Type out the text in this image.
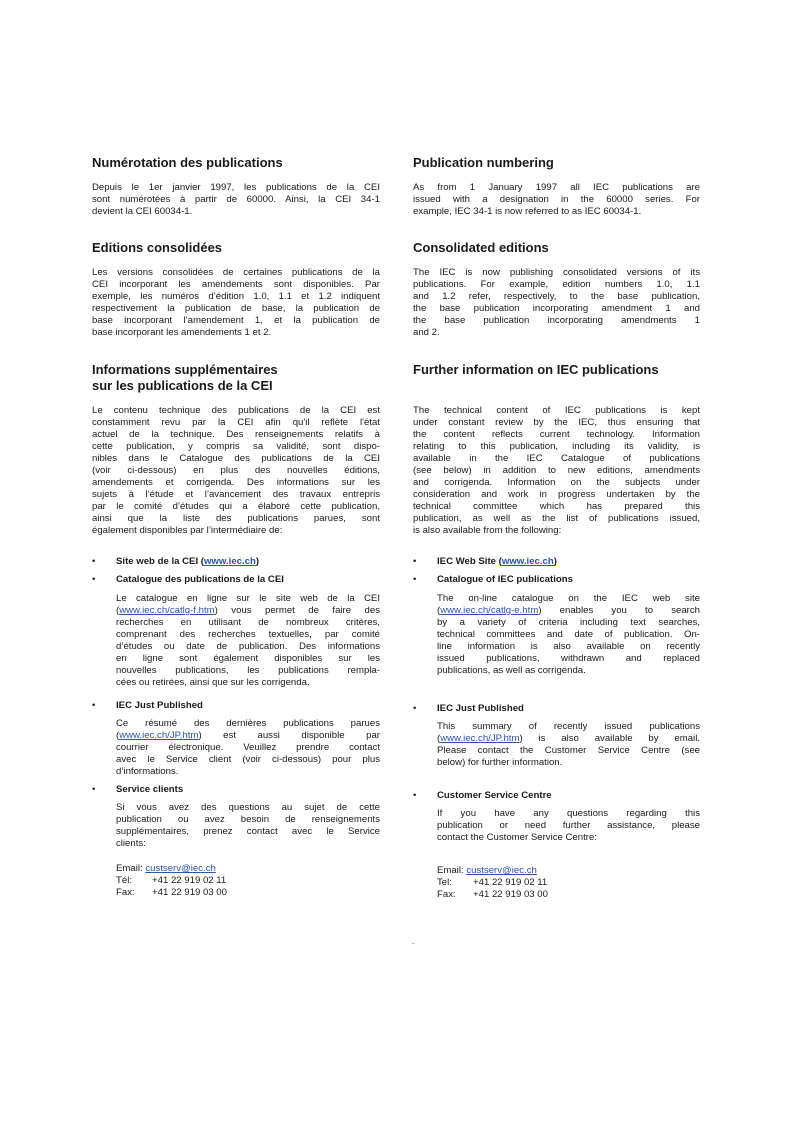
Numérotation des publications
Depuis le 1er janvier 1997, les publications de la CEI
sont numérotées à partir de 60000. Ainsi, la CEI 34-1
devient la CEI 60034-1.
Editions consolidées
Les versions consolidées de certaines publications de la
CEI incorporant les amendements sont disponibles. Par
exemple, les numéros d’édition 1.0, 1.1 et 1.2 indiquent
respectivement la publication de base, la publication de
base incorporant l’amendement 1, et la publication de
base incorporant les amendements 1 et 2.
Informations supplémentaires
sur les publications de la CEI
Le contenu technique des publications de la CEI est
constamment revu par la CEI afin qu'il reflète l'état
actuel de la technique. Des renseignements relatifs à
cette publication, y compris sa validité, sont dispo-
nibles dans le Catalogue des publications de la CEI
(voir ci-dessous) en plus des nouvelles éditions,
amendements et corrigenda. Des informations sur les
sujets à l’étude et l’avancement des travaux entrepris
par le comité d’études qui a élaboré cette publication,
ainsi que la liste des publications parues, sont
également disponibles par l’intermédiaire de:
• Site web de la CEI (www.iec.ch)
• Catalogue des publications de la CEI
Le catalogue en ligne sur le site web de la CEI
(www.iec.ch/catlg-f.htm) vous permet de faire des
recherches en utilisant de nombreux critères,
comprenant des recherches textuelles, par comité
d’études ou date de publication. Des informations
en ligne sont également disponibles sur les
nouvelles publications, les publications rempla-
cées ou retirées, ainsi que sur les corrigenda.
• IEC Just Published
Ce résumé des dernières publications parues
(www.iec.ch/JP.htm) est aussi disponible par
courrier électronique. Veuillez prendre contact
avec le Service client (voir ci-dessous) pour plus
d’informations.
• Service clients
Si vous avez des questions au sujet de cette
publication ou avez besoin de renseignements
supplémentaires, prenez contact avec le Service
clients:
Email: custserv@iec.ch
Tél: +41 22 919 02 11
Fax: +41 22 919 03 00
Publication numbering
As from 1 January 1997 all IEC publications are
issued with a designation in the 60000 series. For
example, IEC 34-1 is now referred to as IEC 60034-1.
Consolidated editions
The IEC is now publishing consolidated versions of its
publications. For example, edition numbers 1.0, 1.1
and 1.2 refer, respectively, to the base publication,
the base publication incorporating amendment 1 and
the base publication incorporating amendments 1
and 2.
Further information on IEC publications
The technical content of IEC publications is kept
under constant review by the IEC, thus ensuring that
the content reflects current technology. Information
relating to this publication, including its validity, is
available in the IEC Catalogue of publications
(see below) in addition to new editions, amendments
and corrigenda. Information on the subjects under
consideration and work in progress undertaken by the
technical committee which has prepared this
publication, as well as the list of publications issued,
is also available from the following:
• IEC Web Site (www.iec.ch)
• Catalogue of IEC publications
The on-line catalogue on the IEC web site
(www.iec.ch/catlg-e.htm) enables you to search
by a variety of criteria including text searches,
technical committees and date of publication. On-
line information is also available on recently
issued publications, withdrawn and replaced
publications, as well as corrigenda.
• IEC Just Published
This summary of recently issued publications
(www.iec.ch/JP.htm) is also available by email.
Please contact the Customer Service Centre (see
below) for further information.
• Customer Service Centre
If you have any questions regarding this
publication or need further assistance, please
contact the Customer Service Centre:
Email: custserv@iec.ch
Tel: +41 22 919 02 11
Fax: +41 22 919 03 00
.
